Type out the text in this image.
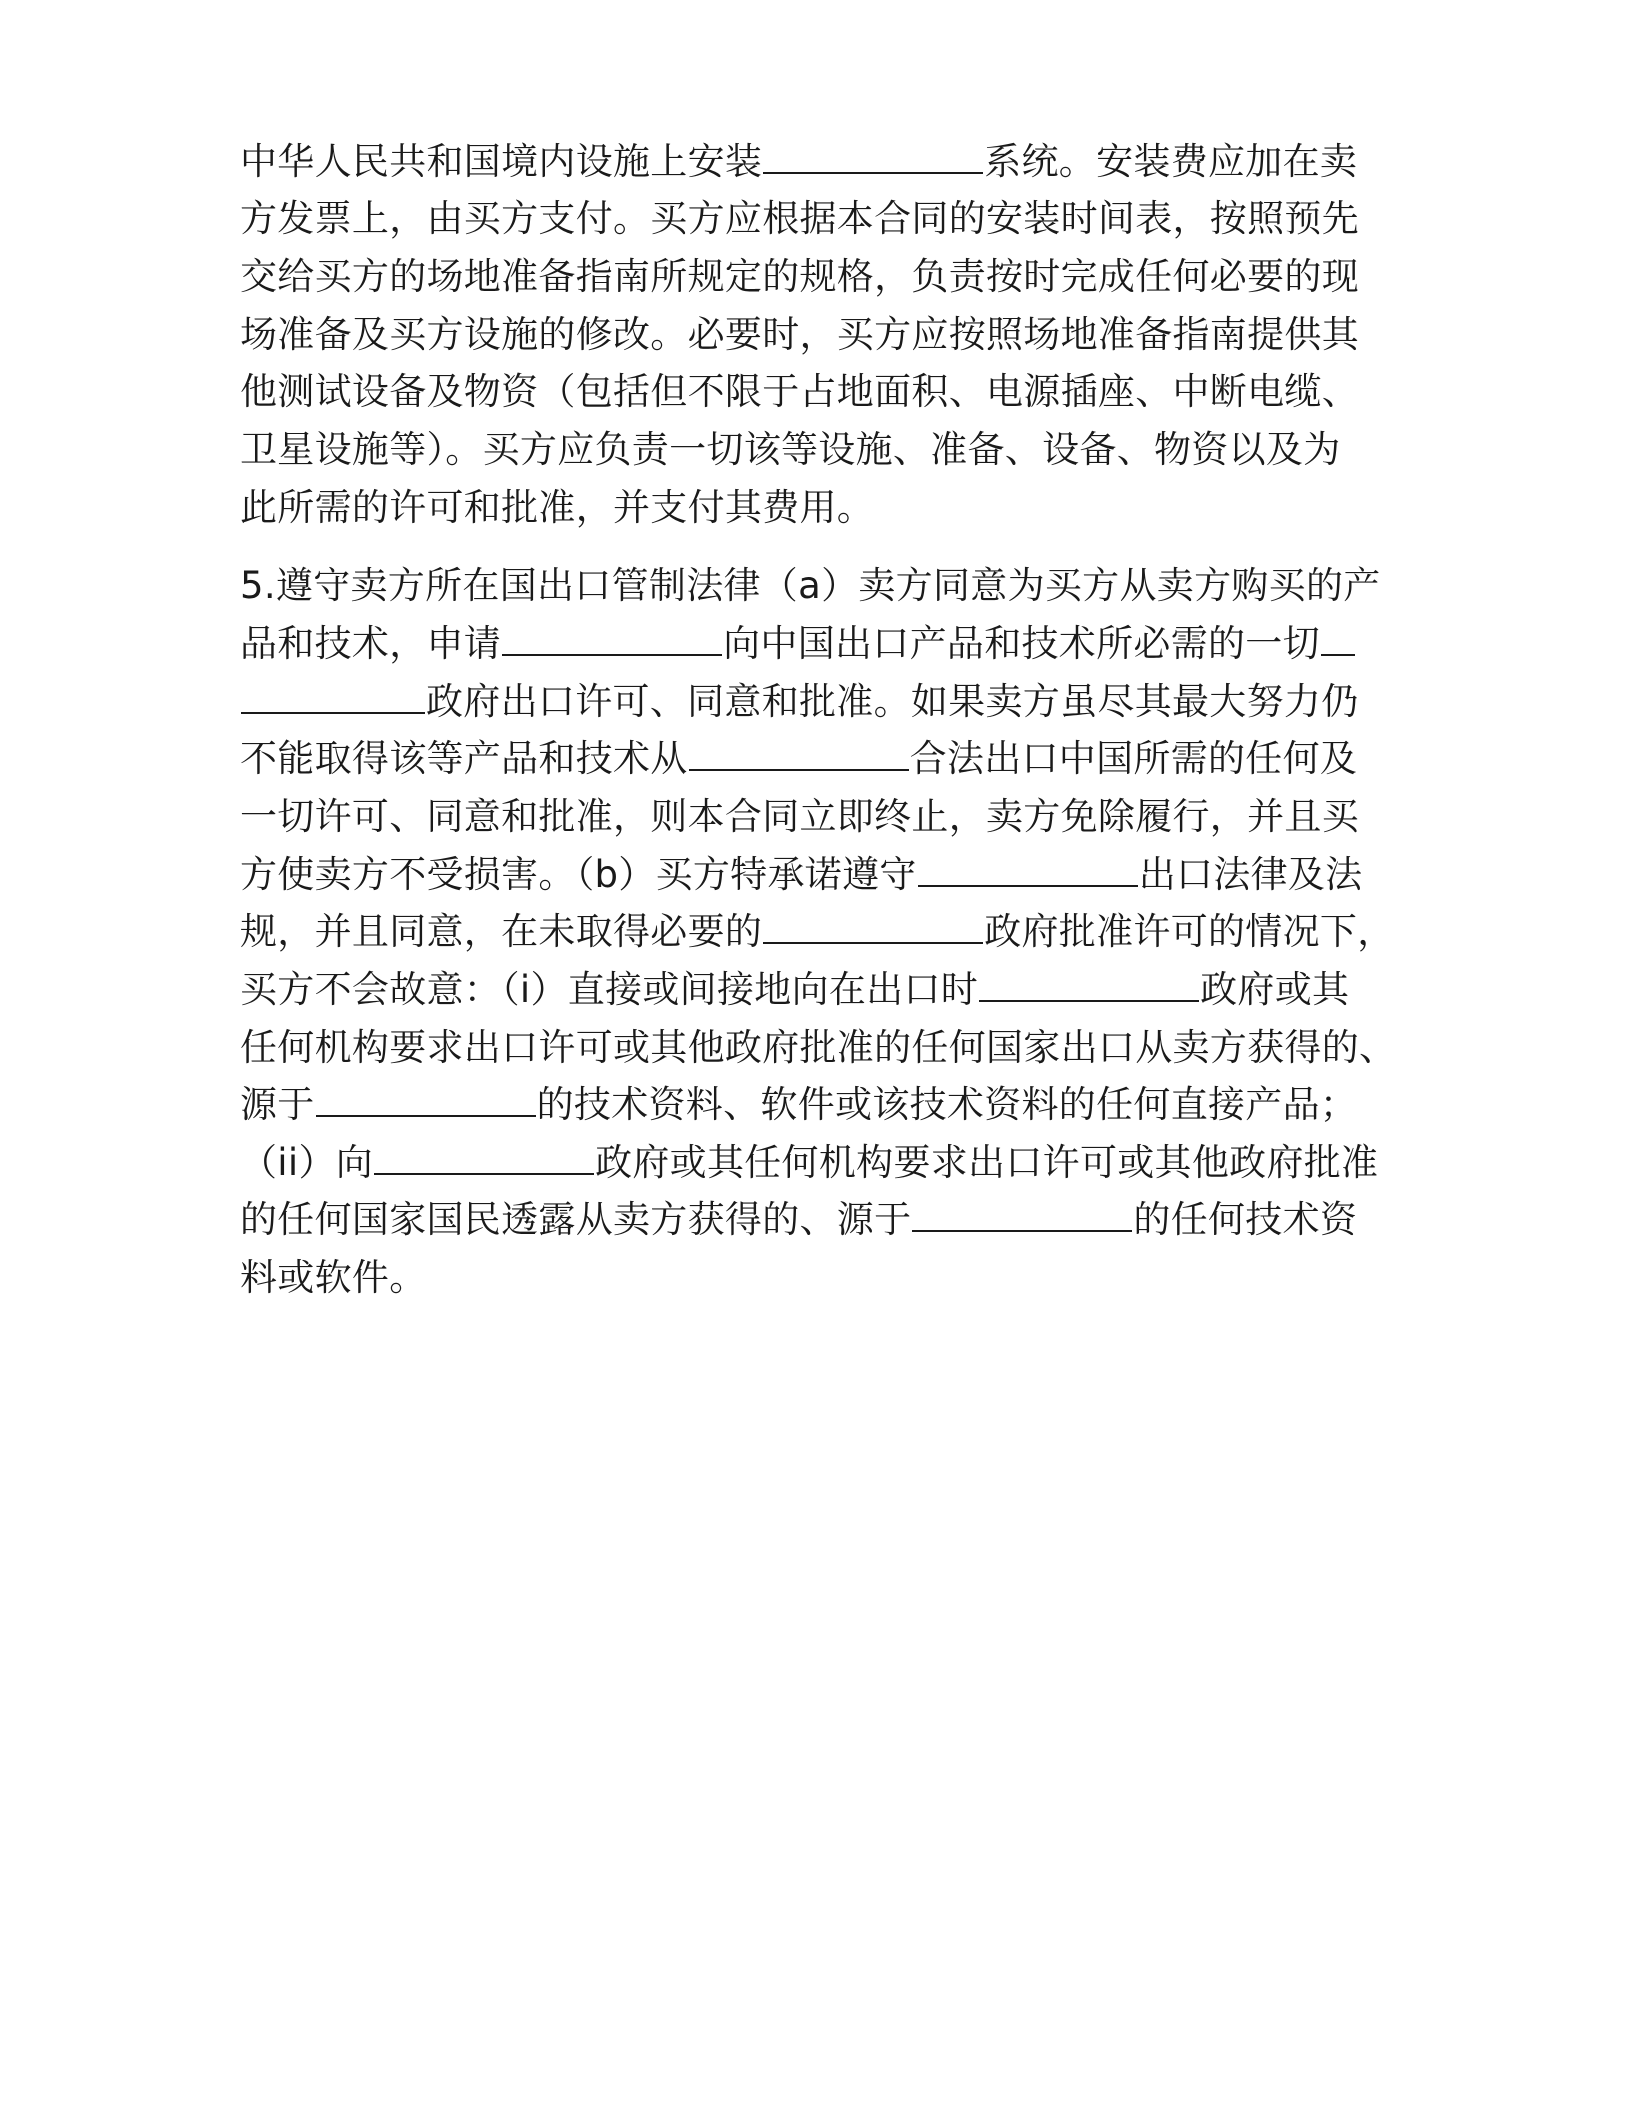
中华人民共和国境内设施上安装	系统。安装费应加在卖
方发票上，由买方支付。买方应根据本合同的安装时间表，按照预先
交给买方的场地准备指南所规定的规格，负责按时完成任何必要的现
场准备及买方设施的修改。必要时，买方应按照场地准备指南提供其
他测试设备及物资（包括但不限于占地面积、电源插座、中断电缆、
卫星设施等）。买方应负责一切该等设施、准备、设备、物资以及为
此所需的许可和批准，并支付其费用。
5.遵守卖方所在国出口管制法律（a）卖方同意为买方从卖方购买的产
品和技术，申请	向中国出口产品和技术所必需的一切
政府出口许可、同意和批准。如果卖方虽尽其最大努力仍
不能取得该等产品和技术从	合法出口中国所需的任何及
一切许可、同意和批准，则本合同立即终止，卖方免除履行，并且买
方使卖方不受损害。（b）买方特承诺遵守	出口法律及法
规，并且同意，在未取得必要的	政府批准许可的情况下，
买方不会故意：（i）直接或间接地向在出口时	政府或其
任何机构要求出口许可或其他政府批准的任何国家出口从卖方获得的、
源于	的技术资料、软件或该技术资料的任何直接产品；
（ii）向	政府或其任何机构要求出口许可或其他政府批准
的任何国家国民透露从卖方获得的、源于	的任何技术资
料或软件。
